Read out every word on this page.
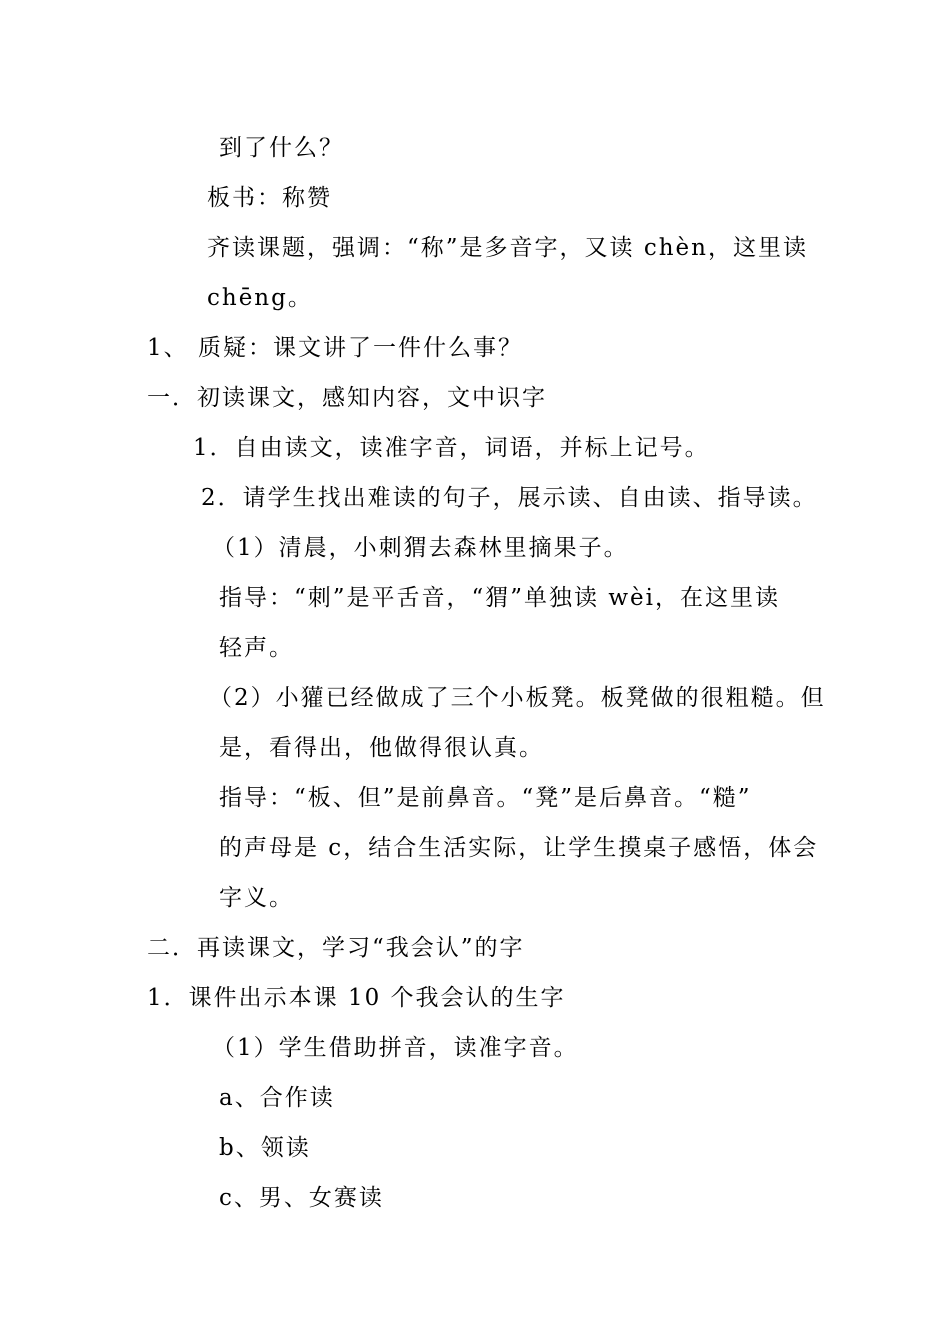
到了什么？
板书：称赞
齐读课题，强调：“称”是多音字，又读 chèn，这里读
chēng。
1、 质疑：课文讲了一件什么事？
一．初读课文，感知内容，文中识字
1．自由读文，读准字音，词语，并标上记号。
2．请学生找出难读的句子，展示读、自由读、指导读。
（1）清晨，小刺猬去森林里摘果子。
指导：“刺”是平舌音，“猬”单独读 wèi，在这里读
轻声。
（2）小獾已经做成了三个小板凳。板凳做的很粗糙。但
是，看得出，他做得很认真。
指导：“板、但”是前鼻音。“凳”是后鼻音。“糙”
的声母是 c，结合生活实际，让学生摸桌子感悟，体会
字义。
二．再读课文，学习“我会认”的字
1．课件出示本课 10 个我会认的生字
（1）学生借助拼音，读准字音。
a、合作读
b、领读
c、男、女赛读
